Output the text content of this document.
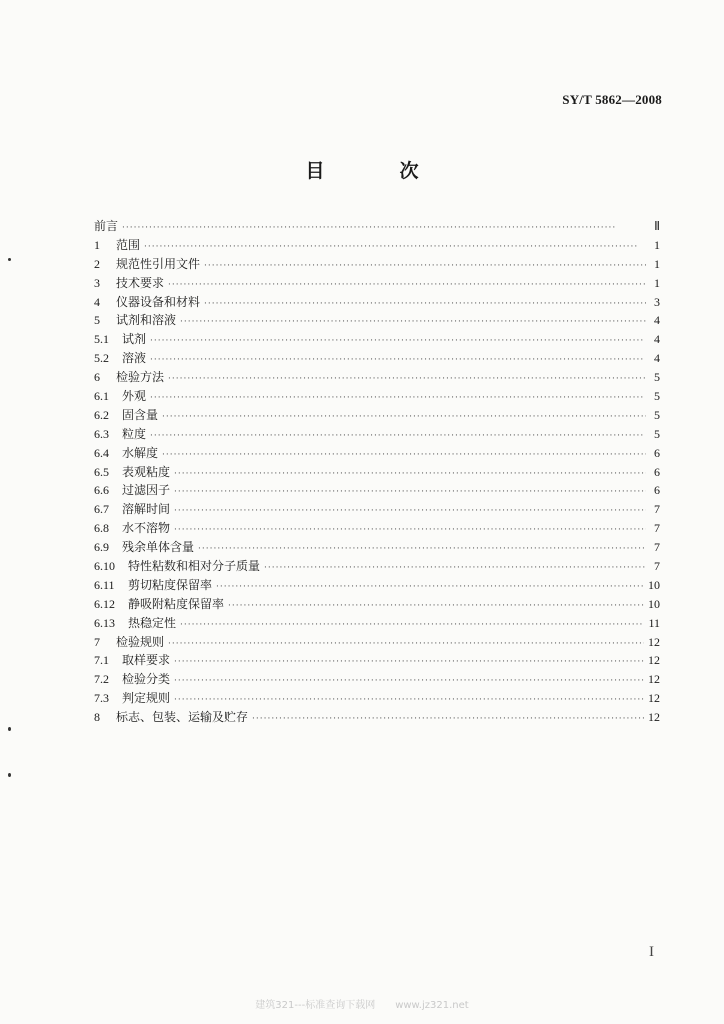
SY/T 5862—2008
目　次
前言 ·····	Ⅱ
1	范围 ·····	1
2	规范性引用文件 ·····	1
3	技术要求 ·····	1
4	仪器设备和材料 ·····	3
5	试剂和溶液 ·····	4
5.1	试剂 ·····	4
5.2	溶液 ·····	4
6	检验方法 ·····	5
6.1	外观 ·····	5
6.2	固含量 ·····	5
6.3	粒度 ·····	5
6.4	水解度 ·····	6
6.5	表观粘度 ·····	6
6.6	过滤因子 ·····	6
6.7	溶解时间 ·····	7
6.8	水不溶物 ·····	7
6.9	残余单体含量 ·····	7
6.10	特性粘数和相对分子质量 ·····	7
6.11	剪切粘度保留率 ·····	10
6.12	静吸附粘度保留率 ·····	10
6.13	热稳定性 ·····	11
7	检验规则 ·····	12
7.1	取样要求 ·····	12
7.2	检验分类 ·····	12
7.3	判定规则 ·····	12
8	标志、包装、运输及贮存 ·····	12
I
建筑321---标准查询下载网　　www.jz321.net
